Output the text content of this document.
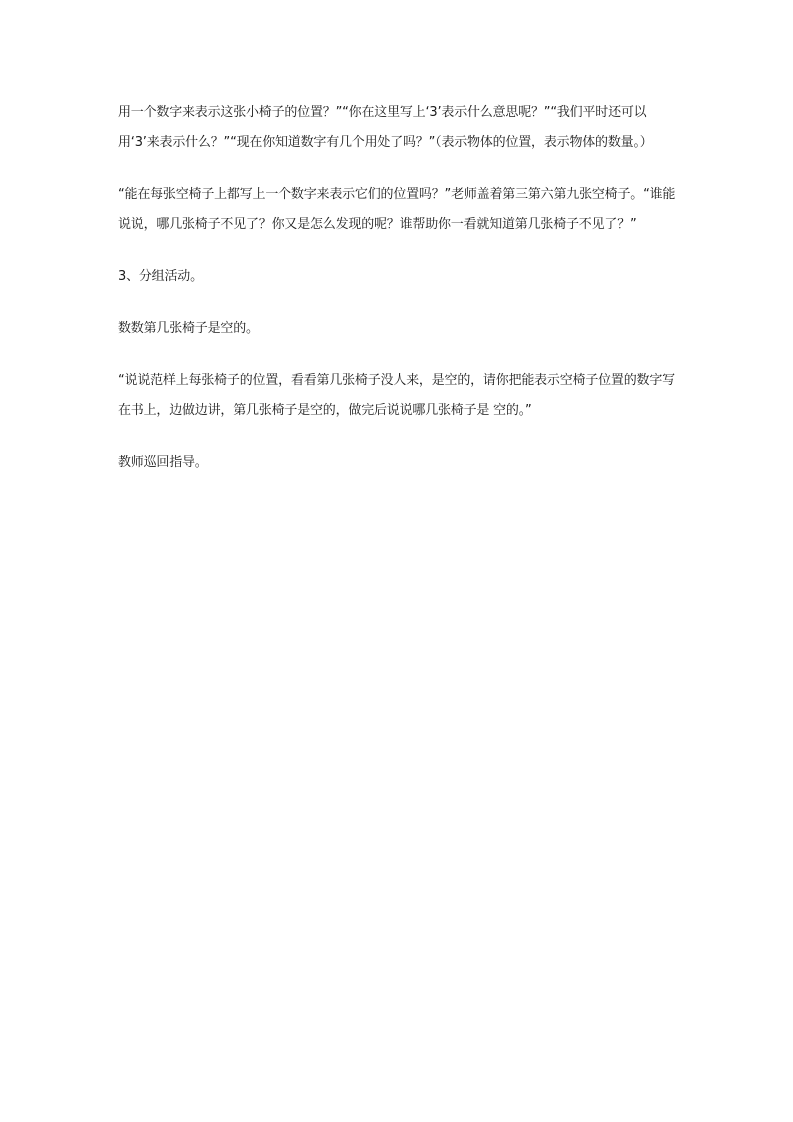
用一个数字来表示这张小椅子的位置？”“你在这里写上‘3’表示什么意思呢？”“我们平时还可以用‘3’来表示什么？”“现在你知道数字有几个用处了吗？”（表示物体的位置，表示物体的数量。）

“能在每张空椅子上都写上一个数字来表示它们的位置吗？”老师盖着第三第六第九张空椅子。“谁能说说，哪几张椅子不见了？你又是怎么发现的呢？谁帮助你一看就知道第几张椅子不见了？”

3、分组活动。

数数第几张椅子是空的。

“说说范样上每张椅子的位置，看看第几张椅子没人来，是空的，请你把能表示空椅子位置的数字写在书上，边做边讲，第几张椅子是空的，做完后说说哪几张椅子是 空的。”

教师巡回指导。
